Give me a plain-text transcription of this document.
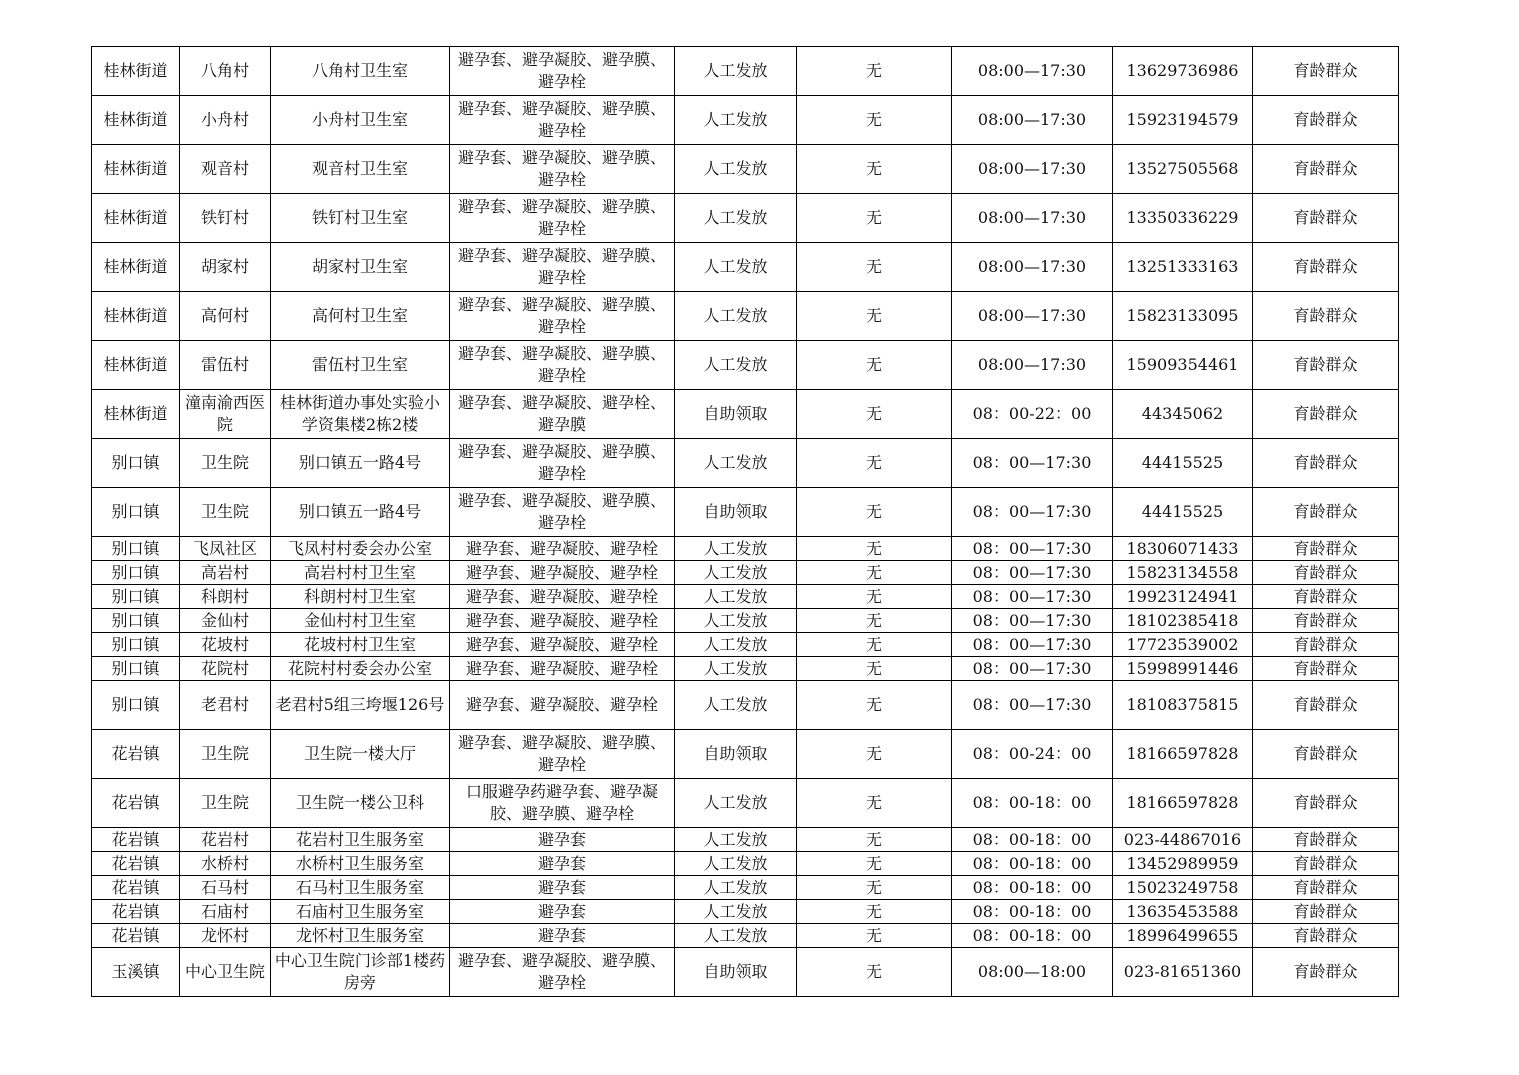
桂林街道	八角村	八角村卫生室	避孕套、避孕凝胶、避孕膜、避孕栓	人工发放	无	08:00—17:30	13629736986	育龄群众
桂林街道	小舟村	小舟村卫生室	避孕套、避孕凝胶、避孕膜、避孕栓	人工发放	无	08:00—17:30	15923194579	育龄群众
桂林街道	观音村	观音村卫生室	避孕套、避孕凝胶、避孕膜、避孕栓	人工发放	无	08:00—17:30	13527505568	育龄群众
桂林街道	铁钉村	铁钉村卫生室	避孕套、避孕凝胶、避孕膜、避孕栓	人工发放	无	08:00—17:30	13350336229	育龄群众
桂林街道	胡家村	胡家村卫生室	避孕套、避孕凝胶、避孕膜、避孕栓	人工发放	无	08:00—17:30	13251333163	育龄群众
桂林街道	高何村	高何村卫生室	避孕套、避孕凝胶、避孕膜、避孕栓	人工发放	无	08:00—17:30	15823133095	育龄群众
桂林街道	雷伍村	雷伍村卫生室	避孕套、避孕凝胶、避孕膜、避孕栓	人工发放	无	08:00—17:30	15909354461	育龄群众
桂林街道	潼南渝西医院	桂林街道办事处实验小学资集楼2栋2楼	避孕套、避孕凝胶、避孕栓、避孕膜	自助领取	无	08：00-22：00	44345062	育龄群众
别口镇	卫生院	别口镇五一路4号	避孕套、避孕凝胶、避孕膜、避孕栓	人工发放	无	08：00—17:30	44415525	育龄群众
别口镇	卫生院	别口镇五一路4号	避孕套、避孕凝胶、避孕膜、避孕栓	自助领取	无	08：00—17:30	44415525	育龄群众
别口镇	飞凤社区	飞凤村村委会办公室	避孕套、避孕凝胶、避孕栓	人工发放	无	08：00—17:30	18306071433	育龄群众
别口镇	高岩村	高岩村村卫生室	避孕套、避孕凝胶、避孕栓	人工发放	无	08：00—17:30	15823134558	育龄群众
别口镇	科朗村	科朗村村卫生室	避孕套、避孕凝胶、避孕栓	人工发放	无	08：00—17:30	19923124941	育龄群众
别口镇	金仙村	金仙村村卫生室	避孕套、避孕凝胶、避孕栓	人工发放	无	08：00—17:30	18102385418	育龄群众
别口镇	花坡村	花坡村村卫生室	避孕套、避孕凝胶、避孕栓	人工发放	无	08：00—17:30	17723539002	育龄群众
别口镇	花院村	花院村村委会办公室	避孕套、避孕凝胶、避孕栓	人工发放	无	08：00—17:30	15998991446	育龄群众
别口镇	老君村	老君村5组三垮堰126号	避孕套、避孕凝胶、避孕栓	人工发放	无	08：00—17:30	18108375815	育龄群众
花岩镇	卫生院	卫生院一楼大厅	避孕套、避孕凝胶、避孕膜、避孕栓	自助领取	无	08：00-24：00	18166597828	育龄群众
花岩镇	卫生院	卫生院一楼公卫科	口服避孕药避孕套、避孕凝胶、避孕膜、避孕栓	人工发放	无	08：00-18：00	18166597828	育龄群众
花岩镇	花岩村	花岩村卫生服务室	避孕套	人工发放	无	08：00-18：00	023-44867016	育龄群众
花岩镇	水桥村	水桥村卫生服务室	避孕套	人工发放	无	08：00-18：00	13452989959	育龄群众
花岩镇	石马村	石马村卫生服务室	避孕套	人工发放	无	08：00-18：00	15023249758	育龄群众
花岩镇	石庙村	石庙村卫生服务室	避孕套	人工发放	无	08：00-18：00	13635453588	育龄群众
花岩镇	龙怀村	龙怀村卫生服务室	避孕套	人工发放	无	08：00-18：00	18996499655	育龄群众
玉溪镇	中心卫生院	中心卫生院门诊部1楼药房旁	避孕套、避孕凝胶、避孕膜、避孕栓	自助领取	无	08:00—18:00	023-81651360	育龄群众
